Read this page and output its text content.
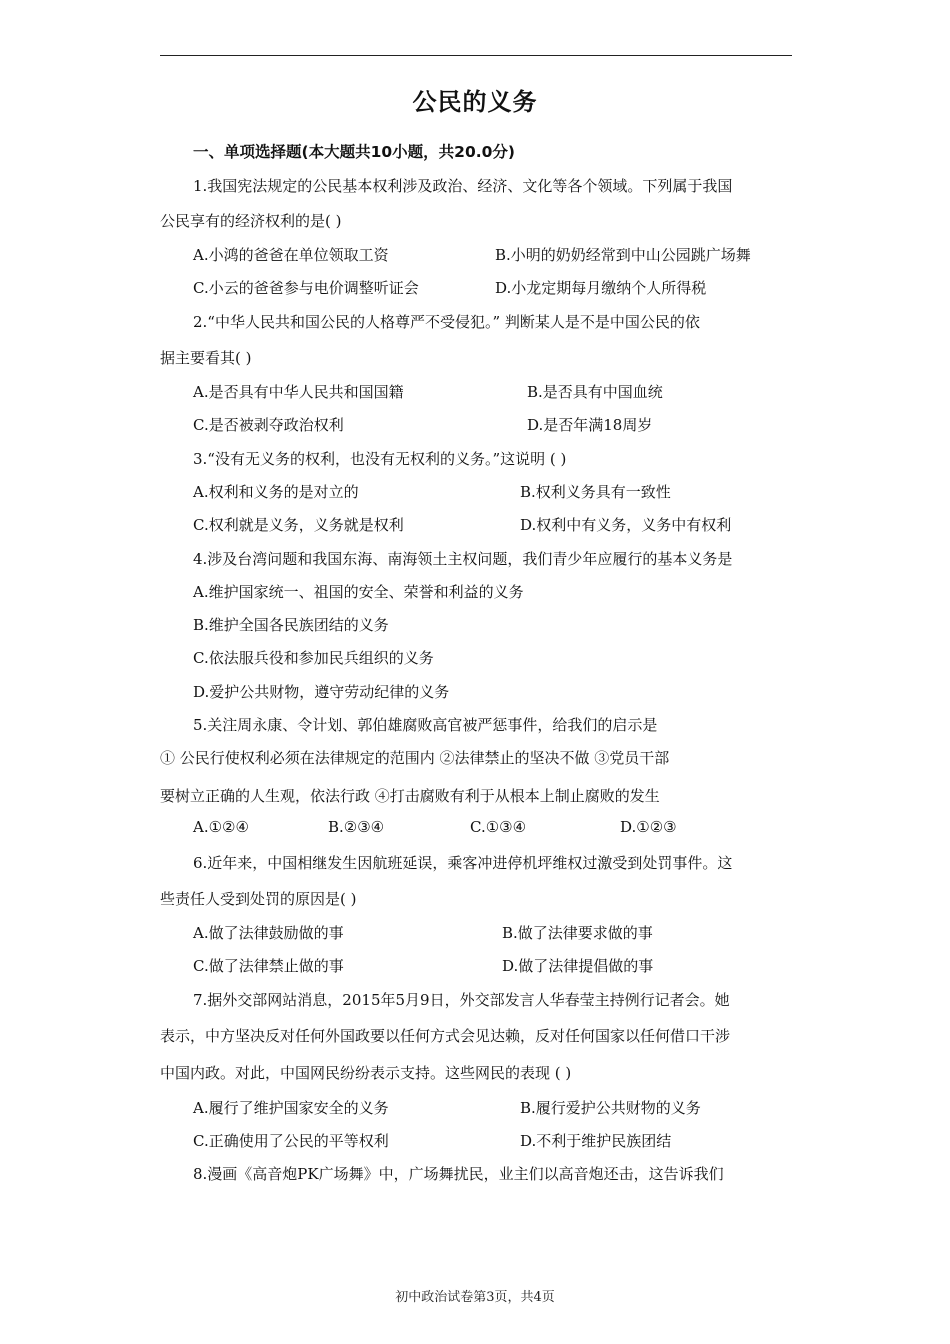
公民的义务
一、单项选择题(本大题共10小题，共20.0分)
1.我国宪法规定的公民基本权利涉及政治、经济、文化等各个领域。下列属于我国
公民享有的经济权利的是( )
A.小鸿的爸爸在单位领取工资	B.小明的奶奶经常到中山公园跳广场舞
C.小云的爸爸参与电价调整听证会	D.小龙定期每月缴纳个人所得税
2.“中华人民共和国公民的人格尊严不受侵犯。” 判断某人是不是中国公民的依
据主要看其( )
A.是否具有中华人民共和国国籍	B.是否具有中国血统
C.是否被剥夺政治权利	D.是否年满18周岁
3.“没有无义务的权利，也没有无权利的义务。”这说明 ( )
A.权利和义务的是对立的	B.权利义务具有一致性
C.权利就是义务，义务就是权利	D.权利中有义务，义务中有权利
4.涉及台湾问题和我国东海、南海领土主权问题，我们青少年应履行的基本义务是
A.维护国家统一、祖国的安全、荣誉和利益的义务
B.维护全国各民族团结的义务
C.依法服兵役和参加民兵组织的义务
D.爱护公共财物，遵守劳动纪律的义务
5.关注周永康、令计划、郭伯雄腐败高官被严惩事件，给我们的启示是
① 公民行使权利必须在法律规定的范围内 ②法律禁止的坚决不做 ③党员干部
要树立正确的人生观，依法行政 ④打击腐败有利于从根本上制止腐败的发生
A.①②④	B.②③④	C.①③④	D.①②③
6.近年来，中国相继发生因航班延误，乘客冲进停机坪维权过激受到处罚事件。这
些责任人受到处罚的原因是( )
A.做了法律鼓励做的事	B.做了法律要求做的事
C.做了法律禁止做的事	D.做了法律提倡做的事
7.据外交部网站消息，2015年5月9日，外交部发言人华春莹主持例行记者会。她
表示，中方坚决反对任何外国政要以任何方式会见达赖，反对任何国家以任何借口干涉
中国内政。对此，中国网民纷纷表示支持。这些网民的表现 ( )
A.履行了维护国家安全的义务	B.履行爱护公共财物的义务
C.正确使用了公民的平等权利	D.不利于维护民族团结
8.漫画《高音炮PK广场舞》中，广场舞扰民，业主们以高音炮还击，这告诉我们
初中政治试卷第3页，共4页
